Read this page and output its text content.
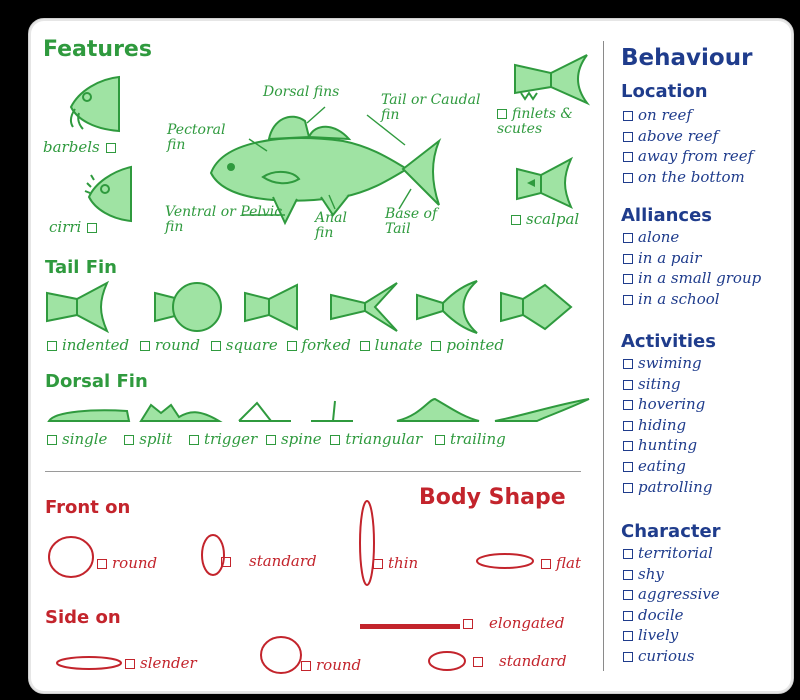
Features
barbels
cirri
Dorsal fins	Tail or Caudal fin
Pectoral fin
Ventral or Pelvic fin
Anal fin
Base of Tail
finlets & scutes
scalpal
Tail Fin
indented round square forked lunate pointed
Dorsal Fin
single split trigger spine triangular trailing
Front on	Body Shape
round	standard	thin	flat
Side on	elongated
slender	round	standard
Behaviour
Location
on reef
above reef
away from reef
on the bottom
Alliances
alone
in a pair
in a small group
in a school
Activities
swiming
siting
hovering
hiding
hunting
eating
patrolling
Character
territorial
shy
aggressive
docile
lively
curious
